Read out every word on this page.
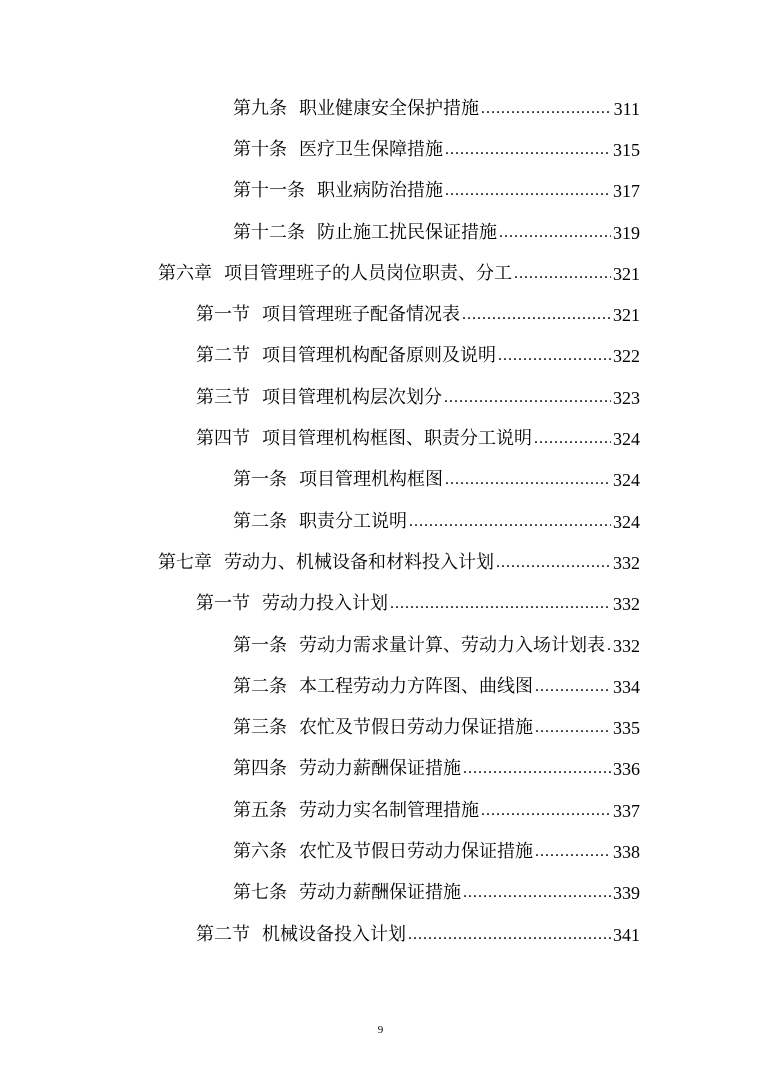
第九条 职业健康安全保护措施 .....	311
第十条 医疗卫生保障措施 .....	315
第十一条 职业病防治措施 .....	317
第十二条 防止施工扰民保证措施 .....	319
第六章 项目管理班子的人员岗位职责、分工 .....	321
第一节 项目管理班子配备情况表 .....	321
第二节 项目管理机构配备原则及说明 .....	322
第三节 项目管理机构层次划分 .....	323
第四节 项目管理机构框图、职责分工说明 .....	324
第一条 项目管理机构框图 .....	324
第二条 职责分工说明 .....	324
第七章 劳动力、机械设备和材料投入计划 .....	332
第一节 劳动力投入计划 .....	332
第一条 劳动力需求量计算、劳动力入场计划表 ..... 332
第二条 本工程劳动力方阵图、曲线图 .....	334
第三条 农忙及节假日劳动力保证措施 .....	335
第四条 劳动力薪酬保证措施 .....	336
第五条 劳动力实名制管理措施 .....	337
第六条 农忙及节假日劳动力保证措施 .....	338
第七条 劳动力薪酬保证措施 .....	339
第二节 机械设备投入计划 .....	341
9
